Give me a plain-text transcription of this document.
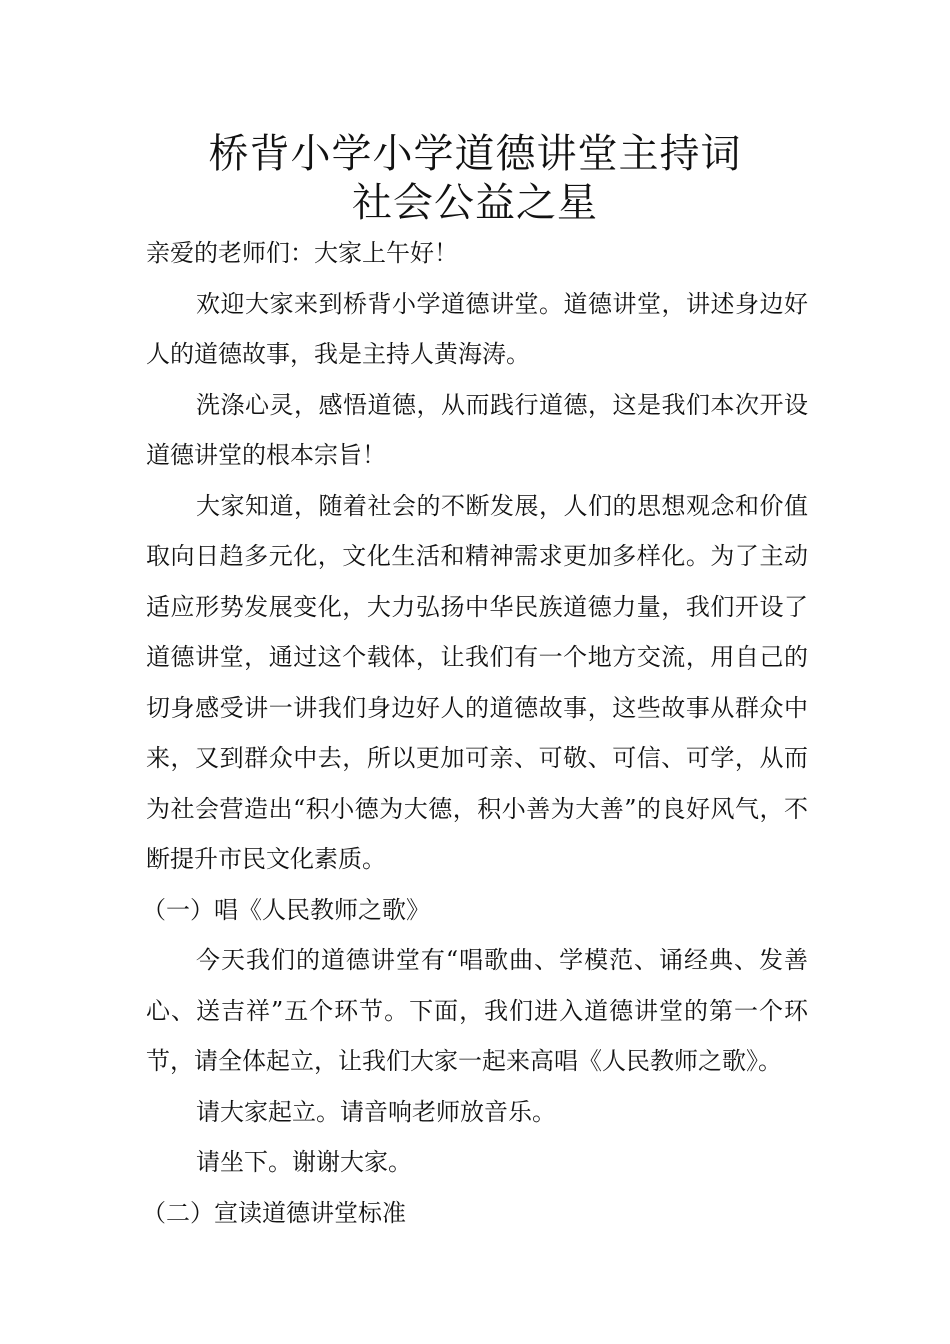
桥背小学小学道德讲堂主持词
社会公益之星

亲爱的老师们：大家上午好！

欢迎大家来到桥背小学道德讲堂。道德讲堂，讲述身边好人的道德故事，我是主持人黄海涛。

洗涤心灵，感悟道德，从而践行道德，这是我们本次开设道德讲堂的根本宗旨！

大家知道，随着社会的不断发展，人们的思想观念和价值取向日趋多元化，文化生活和精神需求更加多样化。为了主动适应形势发展变化，大力弘扬中华民族道德力量，我们开设了道德讲堂，通过这个载体，让我们有一个地方交流，用自己的切身感受讲一讲我们身边好人的道德故事，这些故事从群众中来，又到群众中去，所以更加可亲、可敬、可信、可学，从而为社会营造出“积小德为大德，积小善为大善”的良好风气，不断提升市民文化素质。

（一）唱《人民教师之歌》

今天我们的道德讲堂有“唱歌曲、学模范、诵经典、发善心、送吉祥”五个环节。下面，我们进入道德讲堂的第一个环节，请全体起立，让我们大家一起来高唱《人民教师之歌》。

请大家起立。请音响老师放音乐。

请坐下。谢谢大家。

（二）宣读道德讲堂标准
